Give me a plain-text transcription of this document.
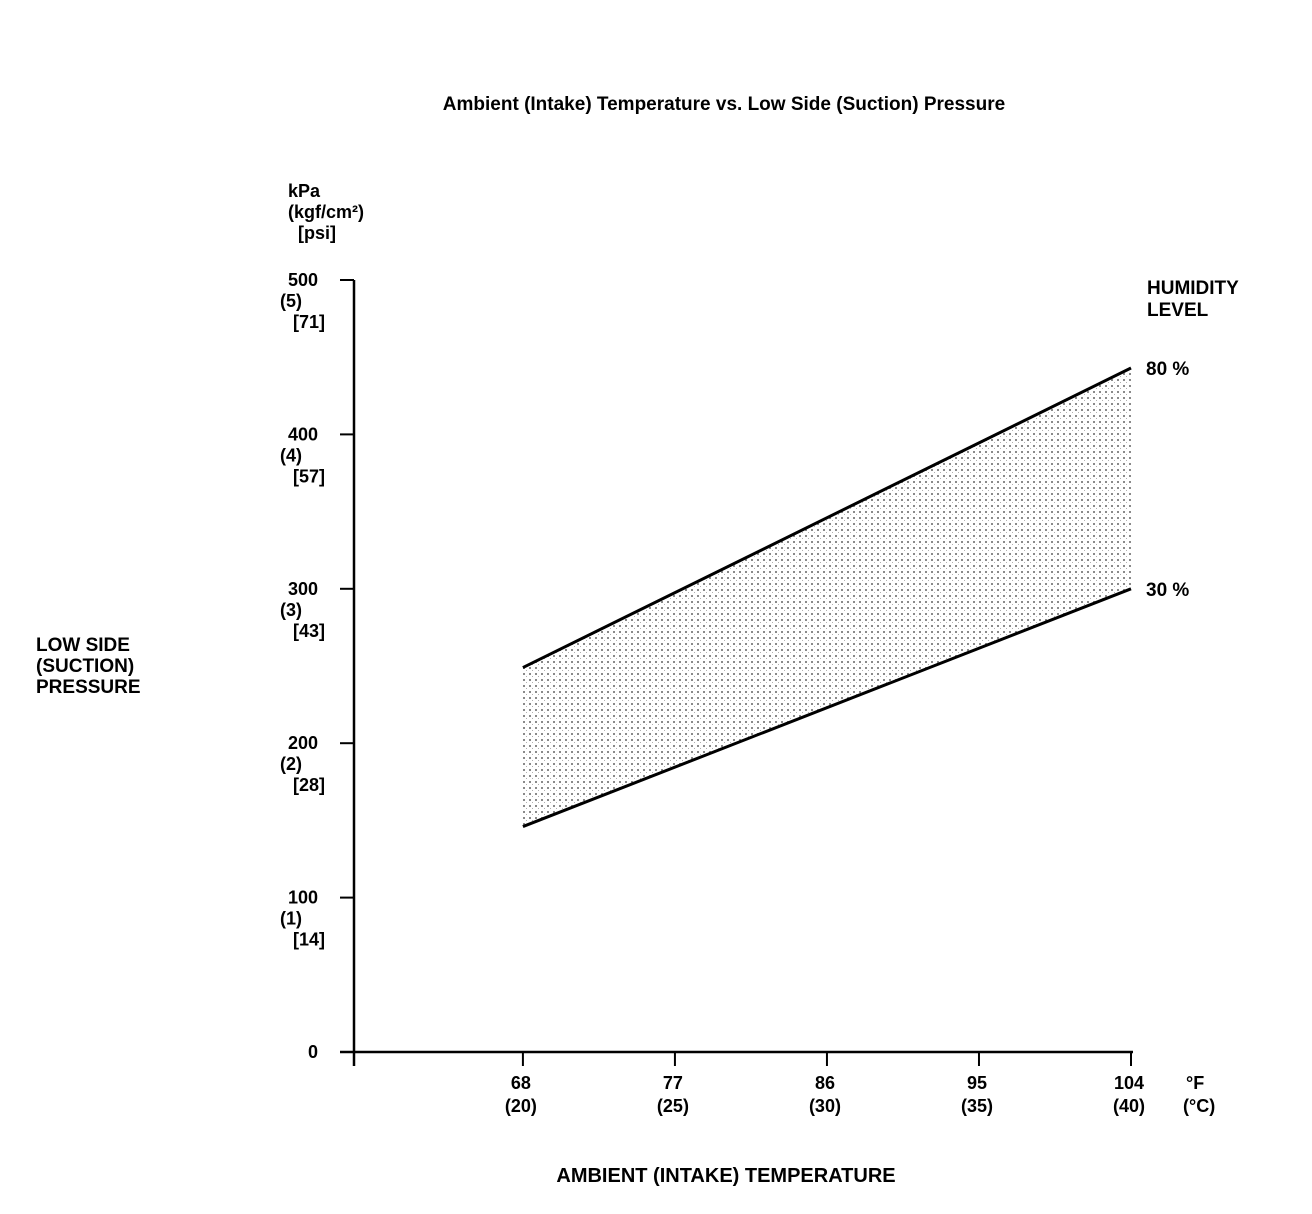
Ambient (Intake) Temperature vs. Low Side (Suction) Pressure
kPa
(kgf/cm²)
[psi]
LOW SIDE
(SUCTION)
PRESSURE
HUMIDITY
LEVEL
°F
(°C)
AMBIENT (INTAKE) TEMPERATURE
0
100
(1)
[14]
200
(2)
[28]
300
(3)
[43]
400
(4)
[57]
500
(5)
[71]
68
(20)
77
(25)
86
(30)
95
(35)
104
(40)
80 %
30 %
